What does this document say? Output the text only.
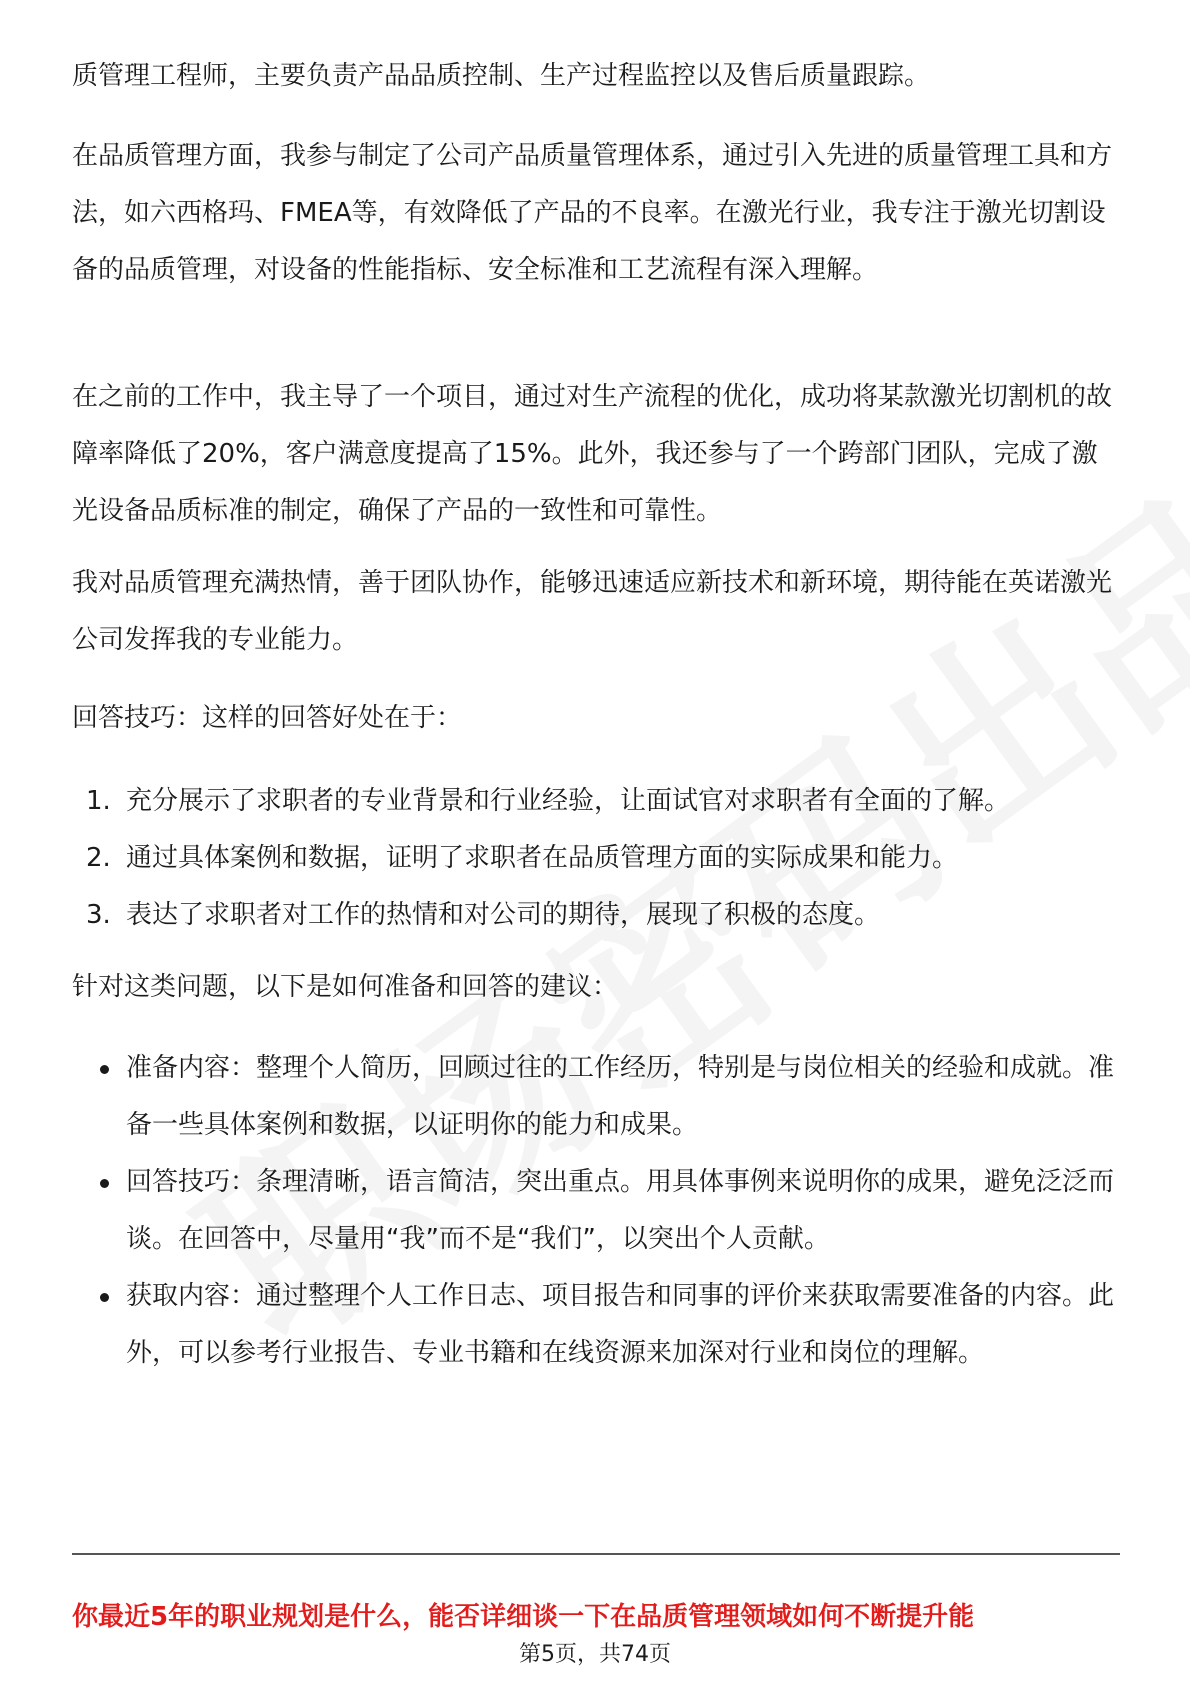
质管理工程师，主要负责产品品质控制、生产过程监控以及售后质量跟踪。

在品质管理方面，我参与制定了公司产品质量管理体系，通过引入先进的质量管理工具和方法，如六西格玛、FMEA等，有效降低了产品的不良率。在激光行业，我专注于激光切割设备的品质管理，对设备的性能指标、安全标准和工艺流程有深入理解。

在之前的工作中，我主导了一个项目，通过对生产流程的优化，成功将某款激光切割机的故障率降低了20%，客户满意度提高了15%。此外，我还参与了一个跨部门团队，完成了激光设备品质标准的制定，确保了产品的一致性和可靠性。

我对品质管理充满热情，善于团队协作，能够迅速适应新技术和新环境，期待能在英诺激光公司发挥我的专业能力。

回答技巧：这样的回答好处在于：

1. 充分展示了求职者的专业背景和行业经验，让面试官对求职者有全面的了解。
2. 通过具体案例和数据，证明了求职者在品质管理方面的实际成果和能力。
3. 表达了求职者对工作的热情和对公司的期待，展现了积极的态度。

针对这类问题，以下是如何准备和回答的建议：

准备内容：整理个人简历，回顾过往的工作经历，特别是与岗位相关的经验和成就。准备一些具体案例和数据，以证明你的能力和成果。
回答技巧：条理清晰，语言简洁，突出重点。用具体事例来说明你的成果，避免泛泛而谈。在回答中，尽量用“我”而不是“我们”，以突出个人贡献。
获取内容：通过整理个人工作日志、项目报告和同事的评价来获取需要准备的内容。此外，可以参考行业报告、专业书籍和在线资源来加深对行业和岗位的理解。

你最近5年的职业规划是什么，能否详细谈一下在品质管理领域如何不断提升能

第5页，共74页
